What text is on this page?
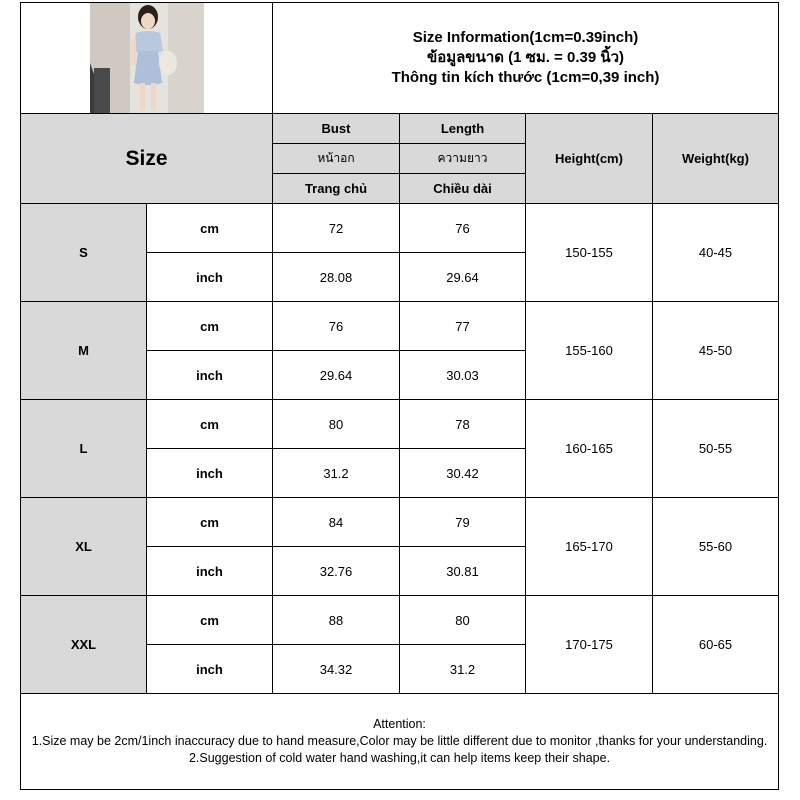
Size Information(1cm=0.39inch)
ข้อมูลขนาด (1 ซม. = 0.39 นิ้ว)
Thông tin kích thước (1cm=0,39 inch)			

Size		Bust	Length	Height(cm)	Weight(kg)
		หน้าอก	ความยาว		
		Trang chủ	Chiều dài		
S	cm	72	76	150-155	40-45
	inch	28.08	29.64		
M	cm	76	77	155-160	45-50
	inch	29.64	30.03		
L	cm	80	78	160-165	50-55
	inch	31.2	30.42		
XL	cm	84	79	165-170	55-60
	inch	32.76	30.81		
XXL	cm	88	80	170-175	60-65
	inch	34.32	31.2		

Attention:
1.Size may be 2cm/1inch inaccuracy due to hand measure,Color may be little different due to monitor ,thanks for your understanding.
2.Suggestion of cold water hand washing,it can help items keep their shape.					
